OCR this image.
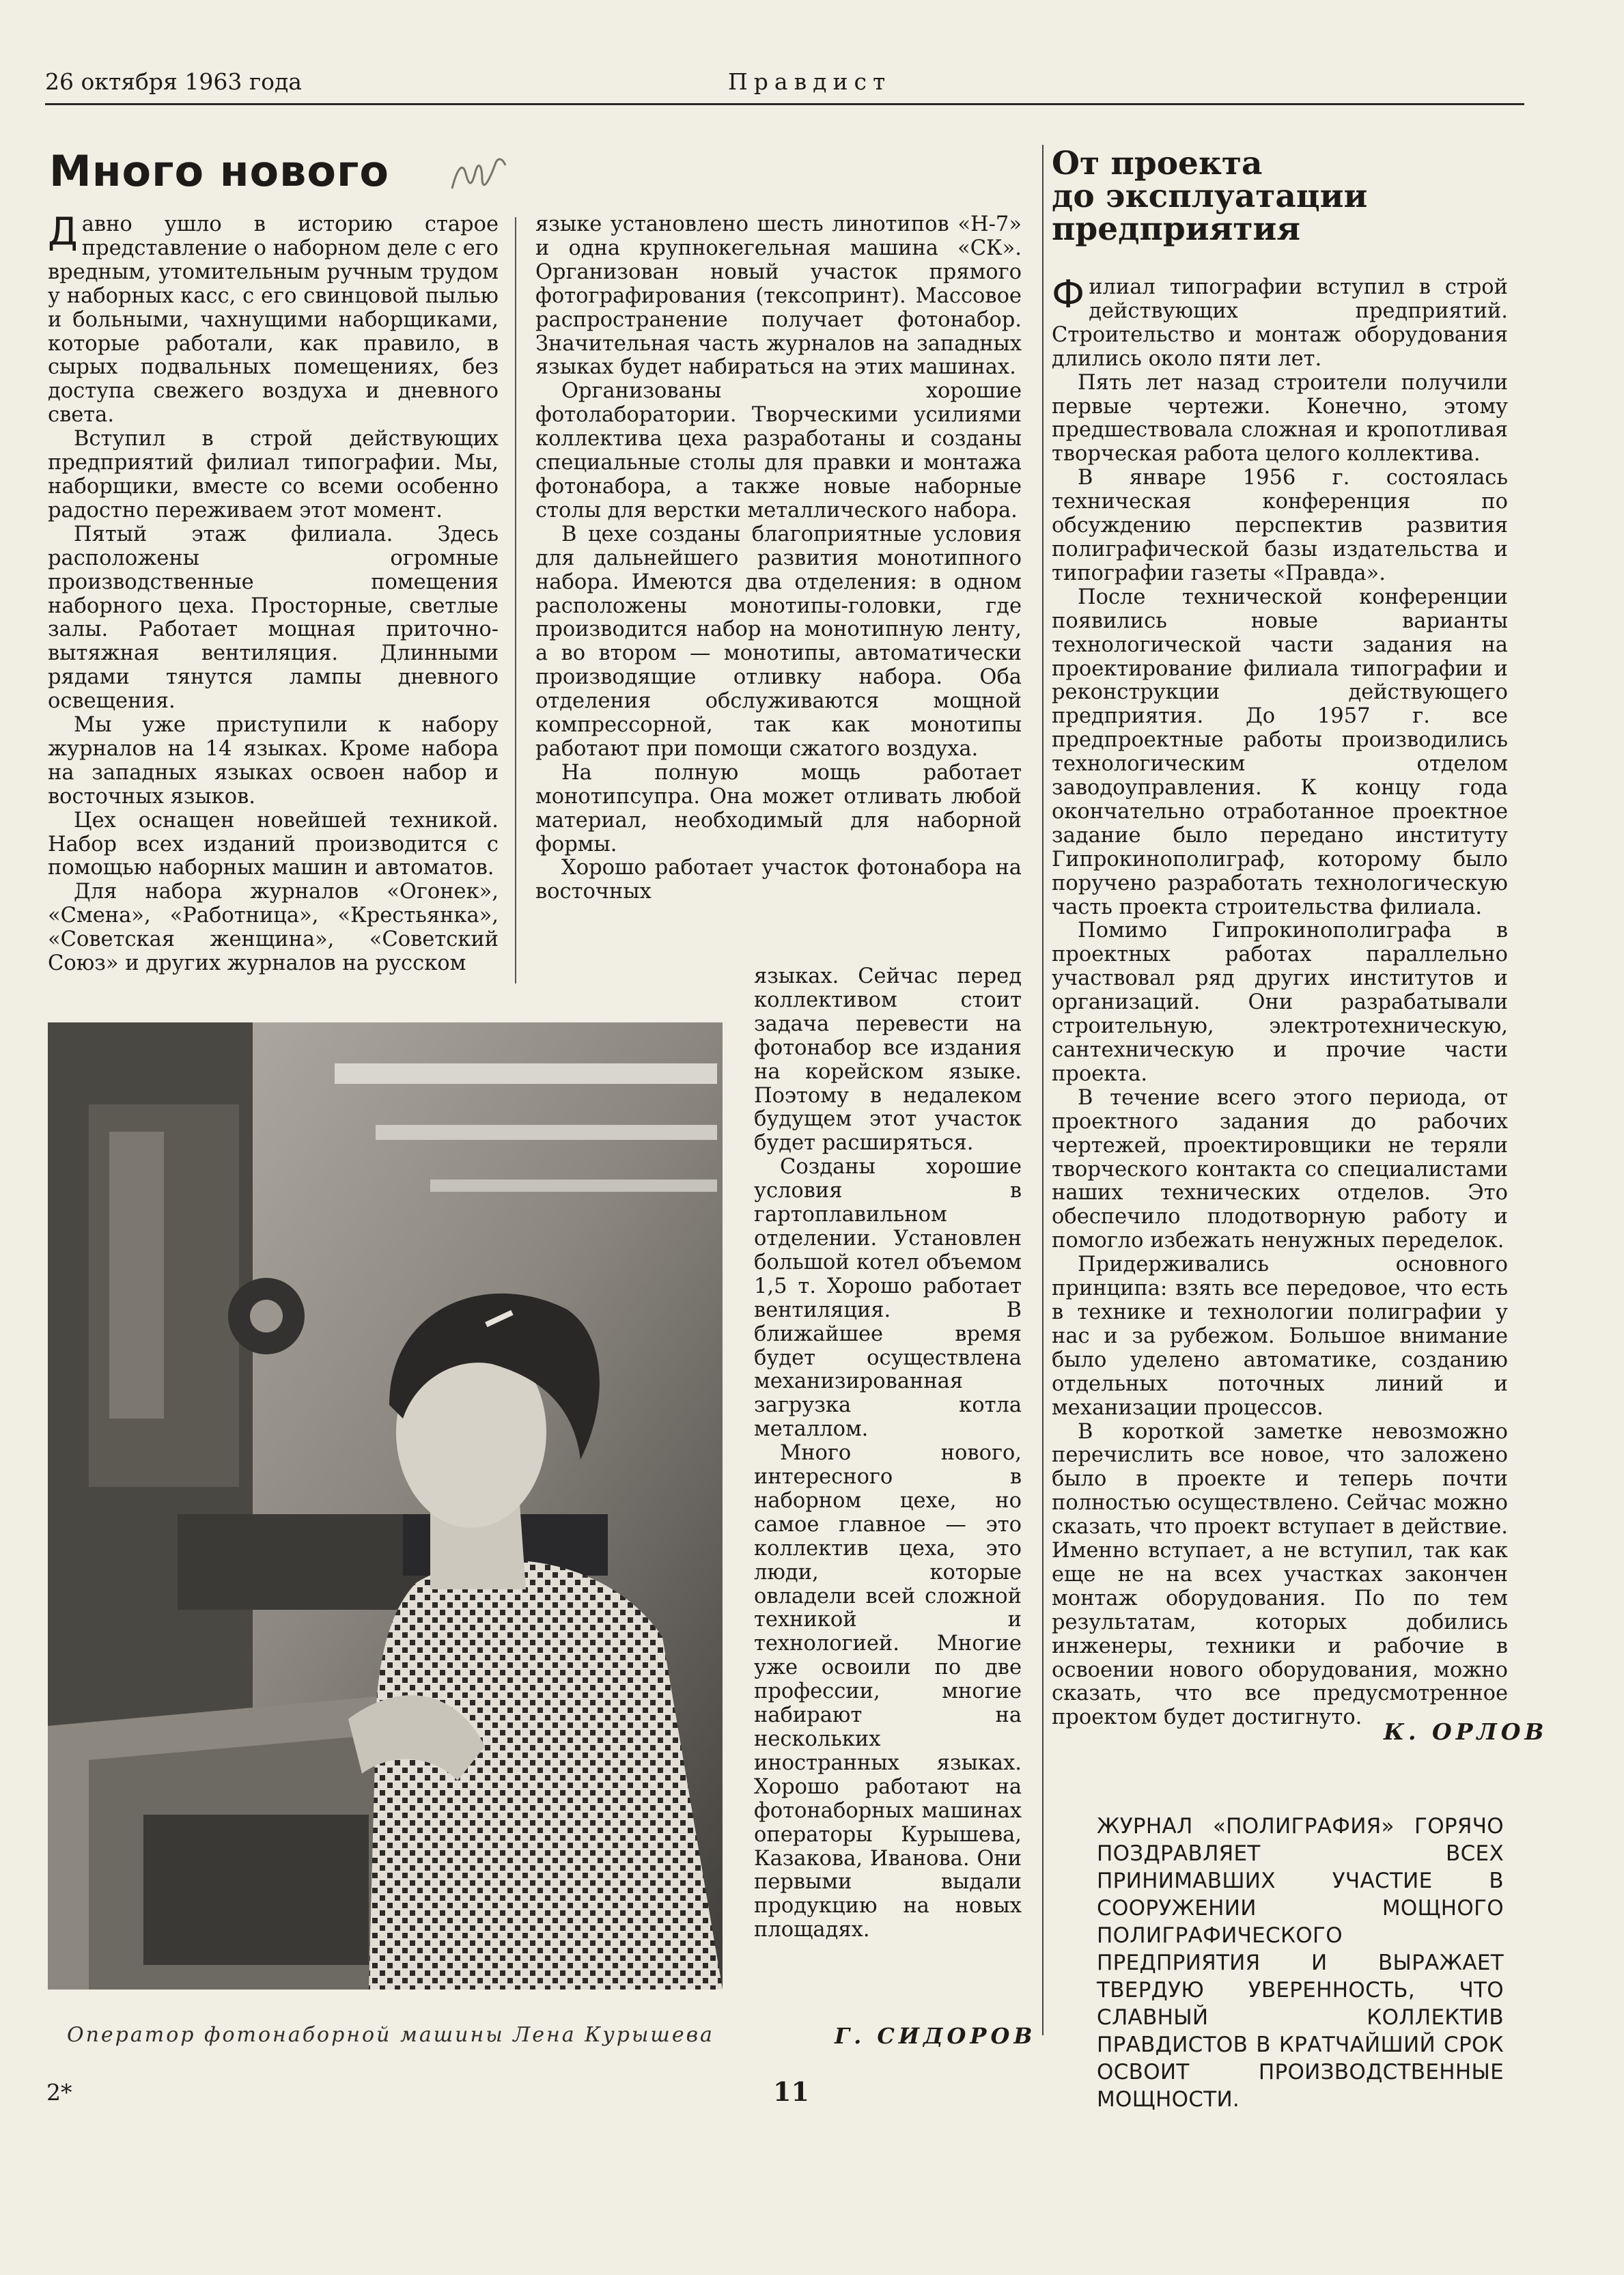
26 октября 1963 года	Правдист
Много нового

Давно ушло в историю старое представление о наборном деле с его вредным, утомительным ручным трудом у наборных касс, с его свинцовой пылью и больными, чахнущими наборщиками, которые работали, как правило, в сырых подвальных помещениях, без доступа свежего воздуха и дневного света.

Вступил в строй действующих предприятий филиал типографии. Мы, наборщики, вместе со всеми особенно радостно переживаем этот момент.

Пятый этаж филиала. Здесь расположены огромные производственные помещения наборного цеха. Просторные, светлые залы. Работает мощная приточно-вытяжная вентиляция. Длинными рядами тянутся лампы дневного освещения.

Мы уже приступили к набору журналов на 14 языках. Кроме набора на западных языках освоен набор и восточных языков.

Цех оснащен новейшей техникой. Набор всех изданий производится с помощью наборных машин и автоматов.

Для набора журналов «Огонек», «Смена», «Работница», «Крестьянка», «Советская женщина», «Советский Союз» и других журналов на русском

языке установлено шесть линотипов «Н-7» и одна крупнокегельная машина «СК». Организован новый участок прямого фотографирования (тексопринт). Массовое распространение получает фотонабор. Значительная часть журналов на западных языках будет набираться на этих машинах.

Организованы хорошие фотолаборатории. Творческими усилиями коллектива цеха разработаны и созданы специальные столы для правки и монтажа фотонабора, а также новые наборные столы для верстки металлического набора.

В цехе созданы благоприятные условия для дальнейшего развития монотипного набора. Имеются два отделения: в одном расположены монотипы-головки, где производится набор на монотипную ленту, а во втором — монотипы, автоматически производящие отливку набора. Оба отделения обслуживаются мощной компрессорной, так как монотипы работают при помощи сжатого воздуха.

На полную мощь работает монотипсупра. Она может отливать любой материал, необходимый для наборной формы.

Хорошо работает участок фотонабора на восточных

языках. Сейчас перед коллективом стоит задача перевести на фотонабор все издания на корейском языке. Поэтому в недалеком будущем этот участок будет расширяться.

Созданы хорошие условия в гартоплавильном отделении. Установлен большой котел объемом 1,5 т. Хорошо работает вентиляция. В ближайшее время будет осуществлена механизированная загрузка котла металлом.

Много нового, интересного в наборном цехе, но самое главное — это коллектив цеха, это люди, которые овладели всей сложной техникой и технологией. Многие уже освоили по две профессии, многие набирают на нескольких иностранных языках. Хорошо работают на фотонаборных машинах операторы Курышева, Казакова, Иванова. Они первыми выдали продукцию на новых площадях.

Оператор фотонаборной машины Лена Курышева	Г. СИДОРОВ
От проекта
до эксплуатации
предприятия

Филиал типографии вступил в строй действующих предприятий. Строительство и монтаж оборудования длились около пяти лет.

Пять лет назад строители получили первые чертежи. Конечно, этому предшествовала сложная и кропотливая творческая работа целого коллектива.

В январе 1956 г. состоялась техническая конференция по обсуждению перспектив развития полиграфической базы издательства и типографии газеты «Правда».

После технической конференции появились новые варианты технологической части задания на проектирование филиала типографии и реконструкции действующего предприятия. До 1957 г. все предпроектные работы производились технологическим отделом заводоуправления. К концу года окончательно отработанное проектное задание было передано институту Гипрокинополиграф, которому было поручено разработать технологическую часть проекта строительства филиала.

Помимо Гипрокинополиграфа в проектных работах параллельно участвовал ряд других институтов и организаций. Они разрабатывали строительную, электротехническую, сантехническую и прочие части проекта.

В течение всего этого периода, от проектного задания до рабочих чертежей, проектировщики не теряли творческого контакта со специалистами наших технических отделов. Это обеспечило плодотворную работу и помогло избежать ненужных переделок.

Придерживались основного принципа: взять все передовое, что есть в технике и технологии полиграфии у нас и за рубежом. Большое внимание было уделено автоматике, созданию отдельных поточных линий и механизации процессов.

В короткой заметке невозможно перечислить все новое, что заложено было в проекте и теперь почти полностью осуществлено. Сейчас можно сказать, что проект вступает в действие. Именно вступает, а не вступил, так как еще не на всех участках закончен монтаж оборудования. По по тем результатам, которых добились инженеры, техники и рабочие в освоении нового оборудования, можно сказать, что все предусмотренное проектом будет достигнуто.

К. ОРЛОВ
ЖУРНАЛ «ПОЛИГРАФИЯ» ГОРЯЧО ПОЗДРАВЛЯЕТ ВСЕХ ПРИНИМАВШИХ УЧАСТИЕ В СООРУЖЕНИИ МОЩНОГО ПОЛИГРАФИЧЕСКОГО ПРЕДПРИЯТИЯ И ВЫРАЖАЕТ ТВЕРДУЮ УВЕРЕННОСТЬ, ЧТО СЛАВНЫЙ КОЛЛЕКТИВ ПРАВДИСТОВ В КРАТЧАЙШИЙ СРОК ОСВОИТ ПРОИЗВОДСТВЕННЫЕ МОЩНОСТИ.
2*	11
